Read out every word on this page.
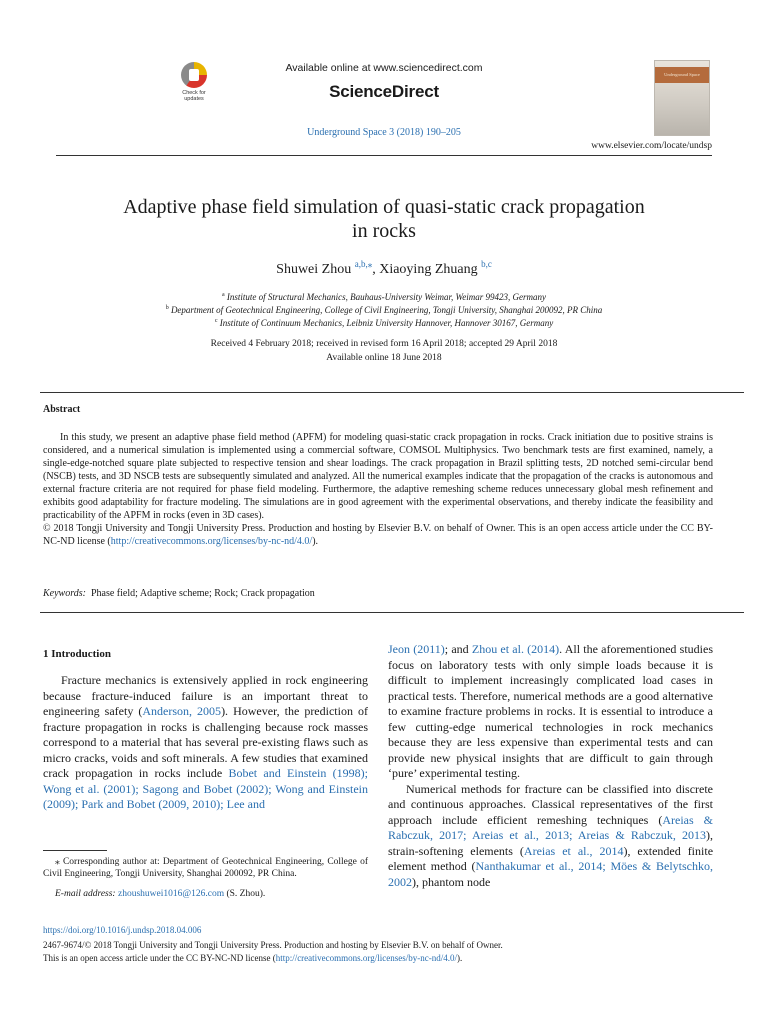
Check for updates
Available online at www.sciencedirect.com
ScienceDirect
Underground Space 3 (2018) 190–205
Underground Space
www.elsevier.com/locate/undsp
Adaptive phase field simulation of quasi-static crack propagation
in rocks
Shuwei Zhou $^{a,b,⁎}$, Xiaoying Zhuang $^{b,c}$
$^a$ Institute of Structural Mechanics, Bauhaus-University Weimar, Weimar 99423, Germany
$^b$ Department of Geotechnical Engineering, College of Civil Engineering, Tongji University, Shanghai 200092, PR China
$^c$ Institute of Continuum Mechanics, Leibniz University Hannover, Hannover 30167, Germany
Received 4 February 2018; received in revised form 16 April 2018; accepted 29 April 2018
Available online 18 June 2018
Abstract

In this study, we present an adaptive phase field method (APFM) for modeling quasi-static crack propagation in rocks. Crack initiation due to positive strains is considered, and a numerical simulation is implemented using a commercial software, COMSOL Multiphysics. Two benchmark tests are first examined, namely, a single-edge-notched square plate subjected to respective tension and shear loadings. The crack propagation in Brazil splitting tests, 2D notched semi-circular bend (NSCB) tests, and 3D NSCB tests are subsequently simulated and analyzed. All the numerical examples indicate that the propagation of the cracks is autonomous and external fracture criteria are not required for phase field modeling. Furthermore, the adaptive remeshing scheme reduces unnecessary global mesh refinement and exhibits good adaptability for fracture modeling. The simulations are in good agreement with the experimental observations, and thereby indicate the feasibility and practicability of the APFM in rocks (even in 3D cases).

© 2018 Tongji University and Tongji University Press. Production and hosting by Elsevier B.V. on behalf of Owner. This is an open access article under the CC BY-NC-ND license (http://creativecommons.org/licenses/by-nc-nd/4.0/).

Keywords: Phase field; Adaptive scheme; Rock; Crack propagation
1 Introduction

Fracture mechanics is extensively applied in rock engineering because fracture-induced failure is an important threat to engineering safety (Anderson, 2005). However, the prediction of fracture propagation in rocks is challenging because rock masses correspond to a material that has several pre-existing flaws such as micro cracks, voids and soft minerals. A few studies that examined crack propagation in rocks include Bobet and Einstein (1998); Wong et al. (2001); Sagong and Bobet (2002); Wong and Einstein (2009); Park and Bobet (2009, 2010); Lee and

Jeon (2011); and Zhou et al. (2014). All the aforementioned studies focus on laboratory tests with only simple loads because it is difficult to implement increasingly complicated load cases in practical tests. Therefore, numerical methods are a good alternative to examine fracture problems in rocks. It is essential to introduce a few cutting-edge numerical technologies in rock mechanics because they are less expensive than experimental tests and can provide new physical insights that are difficult to gain through ‘pure’ experimental testing.

Numerical methods for fracture can be classified into discrete and continuous approaches. Classical representatives of the first approach include efficient remeshing techniques (Areias & Rabczuk, 2017; Areias et al., 2013; Areias & Rabczuk, 2013), strain-softening elements (Areias et al., 2014), extended finite element method (Nanthakumar et al., 2014; Möes & Belytschko, 2002), phantom node

⁎ Corresponding author at: Department of Geotechnical Engineering, College of Civil Engineering, Tongji University, Shanghai 200092, PR China.

E-mail address: zhoushuwei1016@126.com (S. Zhou).

https://doi.org/10.1016/j.undsp.2018.04.006
2467-9674/© 2018 Tongji University and Tongji University Press. Production and hosting by Elsevier B.V. on behalf of Owner.
This is an open access article under the CC BY-NC-ND license (http://creativecommons.org/licenses/by-nc-nd/4.0/).
